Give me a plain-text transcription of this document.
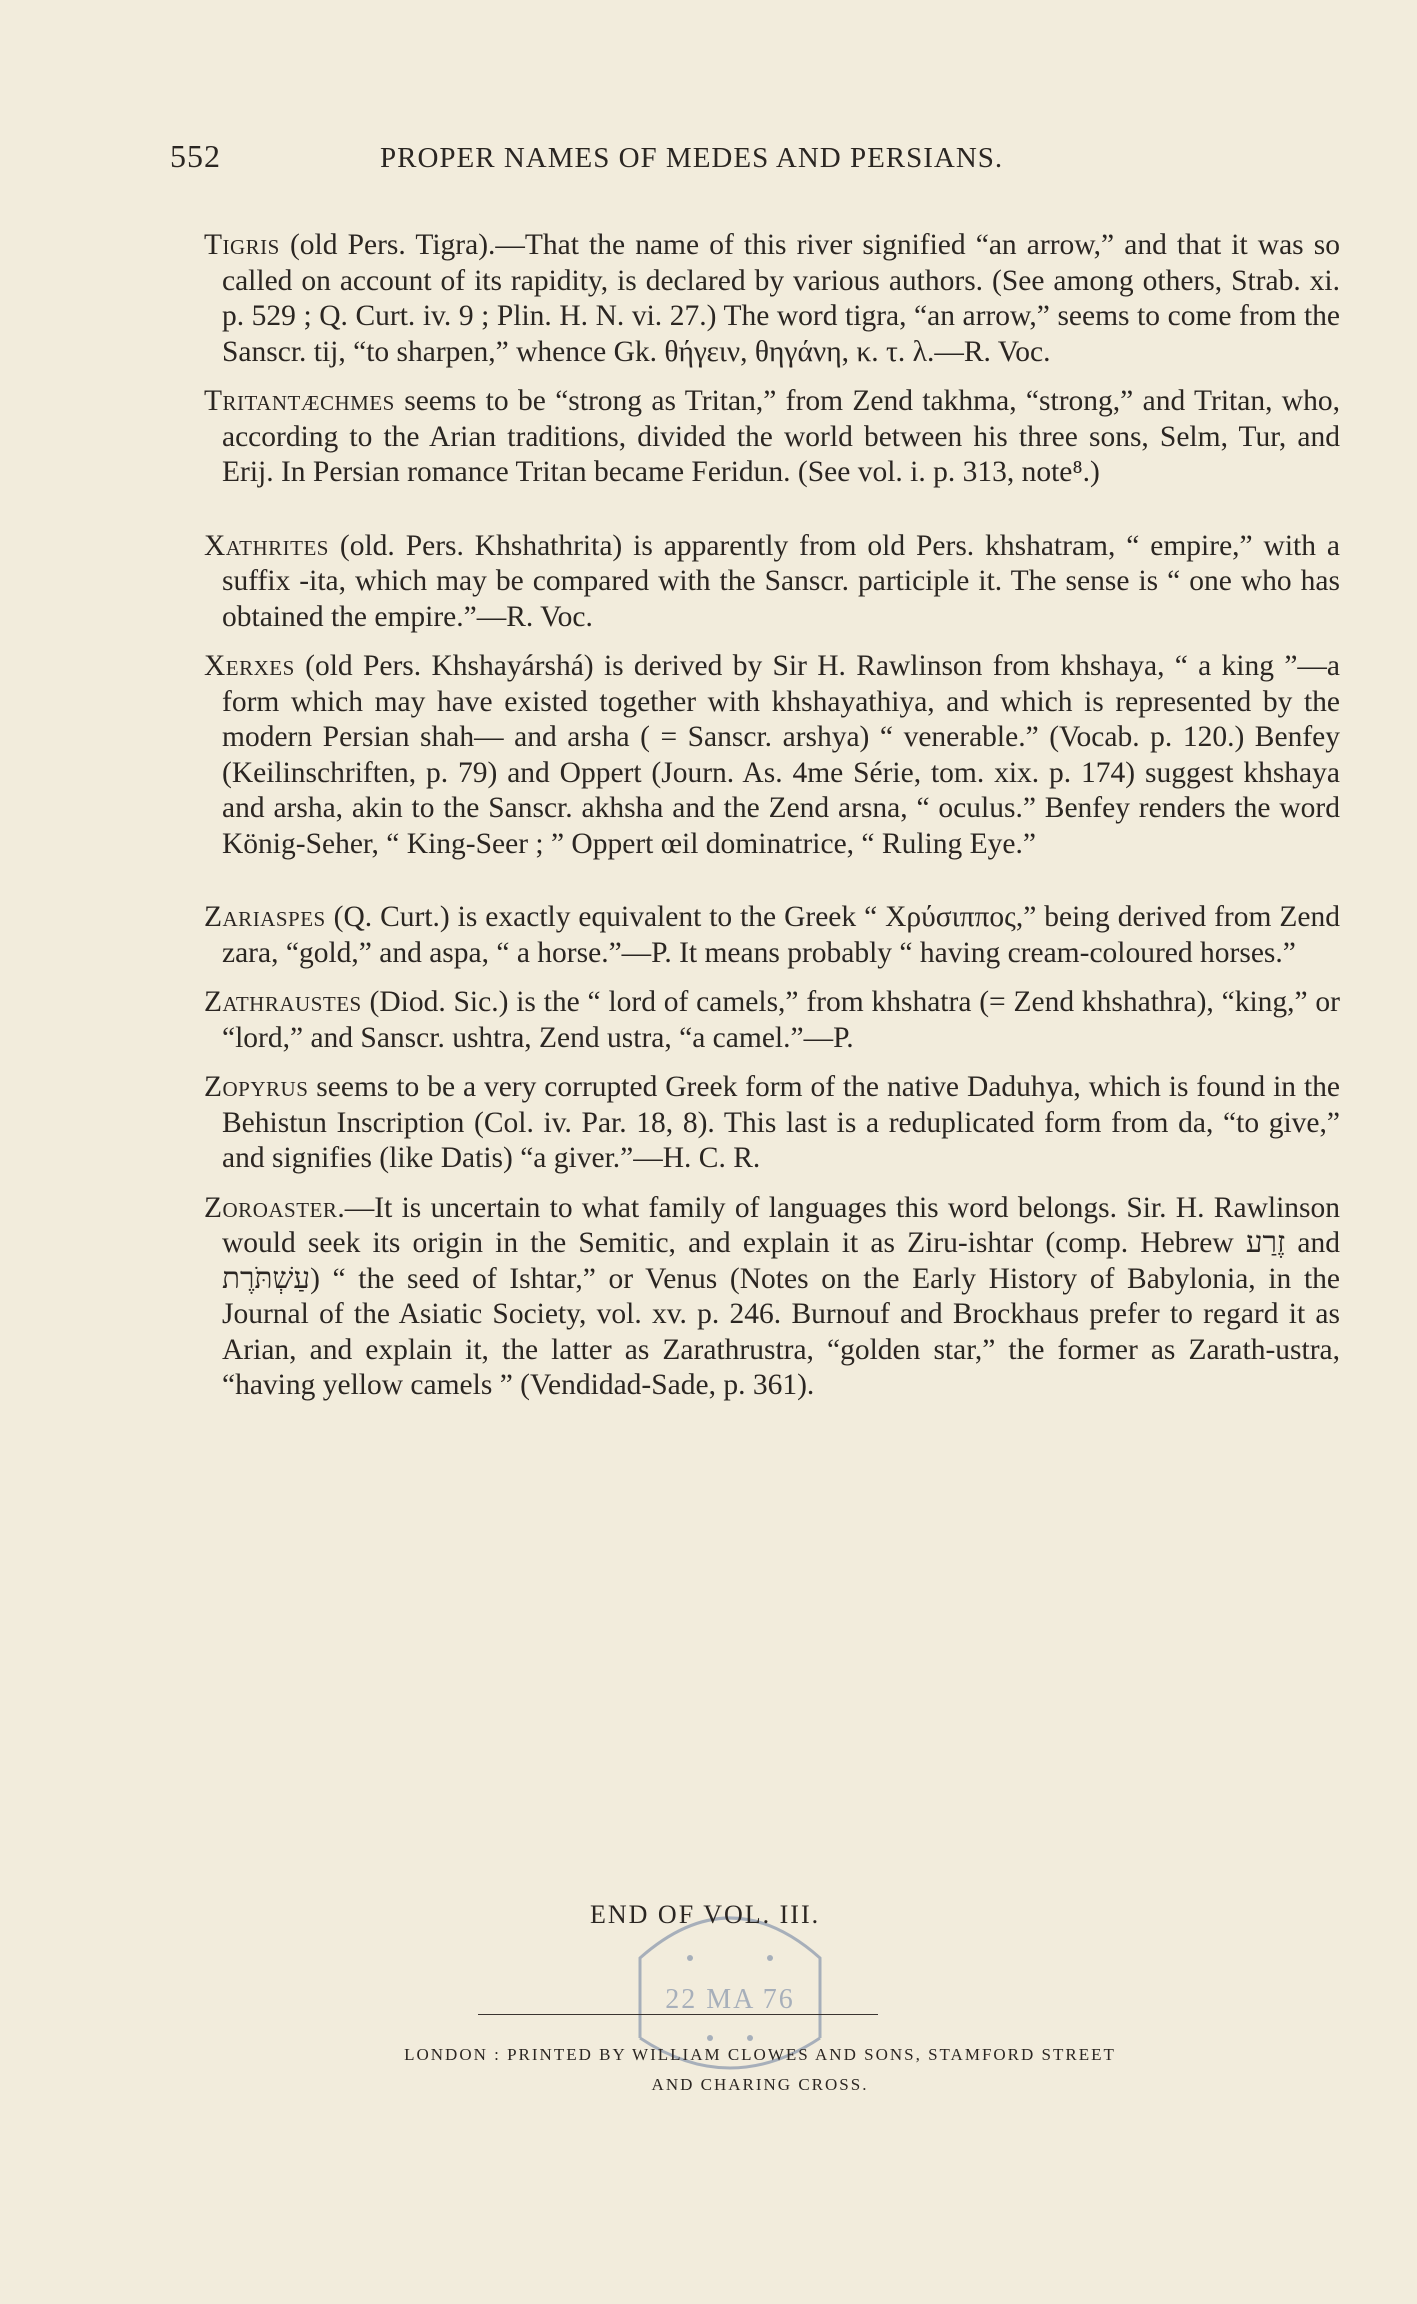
552	PROPER NAMES OF MEDES AND PERSIANS.

Tigris (old Pers. Tigra).—That the name of this river signified “an arrow,” and that it was so called on account of its rapidity, is declared by various authors. (See among others, Strab. xi. p. 529 ; Q. Curt. iv. 9 ; Plin. H. N. vi. 27.) The word tigra, “an arrow,” seems to come from the Sanscr. tij, “to sharpen,” whence Gk. θήγειν, θηγάνη, κ. τ. λ.—R. Voc.

Tritantæchmes seems to be “strong as Tritan,” from Zend takhma, “strong,” and Tritan, who, according to the Arian traditions, divided the world between his three sons, Selm, Tur, and Erij. In Persian romance Tritan became Feridun. (See vol. i. p. 313, note⁸.)

Xathrites (old. Pers. Khshathrita) is apparently from old Pers. khshatram, “ empire,” with a suffix -ita, which may be compared with the Sanscr. participle it. The sense is “ one who has obtained the empire.”—R. Voc.

Xerxes (old Pers. Khshayárshá) is derived by Sir H. Rawlinson from khshaya, “ a king ”—a form which may have existed together with khshayathiya, and which is represented by the modern Persian shah— and arsha ( = Sanscr. arshya) “ venerable.” (Vocab. p. 120.) Benfey (Keilinschriften, p. 79) and Oppert (Journ. As. 4me Série, tom. xix. p. 174) suggest khshaya and arsha, akin to the Sanscr. akhsha and the Zend arsna, “ oculus.” Benfey renders the word König-Seher, “ King-Seer ; ” Oppert œil dominatrice, “ Ruling Eye.”

Zariaspes (Q. Curt.) is exactly equivalent to the Greek “ Χρύσιππος,” being derived from Zend zara, “gold,” and aspa, “ a horse.”—P. It means probably “ having cream-coloured horses.”

Zathraustes (Diod. Sic.) is the “ lord of camels,” from khshatra (= Zend khshathra), “king,” or “lord,” and Sanscr. ushtra, Zend ustra, “a camel.”—P.

Zopyrus seems to be a very corrupted Greek form of the native Daduhya, which is found in the Behistun Inscription (Col. iv. Par. 18, 8). This last is a reduplicated form from da, “to give,” and signifies (like Datis) “a giver.”—H. C. R.

Zoroaster.—It is uncertain to what family of languages this word belongs. Sir. H. Rawlinson would seek its origin in the Semitic, and explain it as Ziru-ishtar (comp. Hebrew זֶרַע and עַשְׁתֹּרֶת) “ the seed of Ishtar,” or Venus (Notes on the Early History of Babylonia, in the Journal of the Asiatic Society, vol. xv. p. 246. Burnouf and Brockhaus prefer to regard it as Arian, and explain it, the latter as Zarathrustra, “golden star,” the former as Zarath-ustra, “having yellow camels ” (Vendidad-Sade, p. 361).

22 MA 76
END OF VOL. III.
LONDON : PRINTED BY WILLIAM CLOWES AND SONS, STAMFORD STREET
AND CHARING CROSS.
